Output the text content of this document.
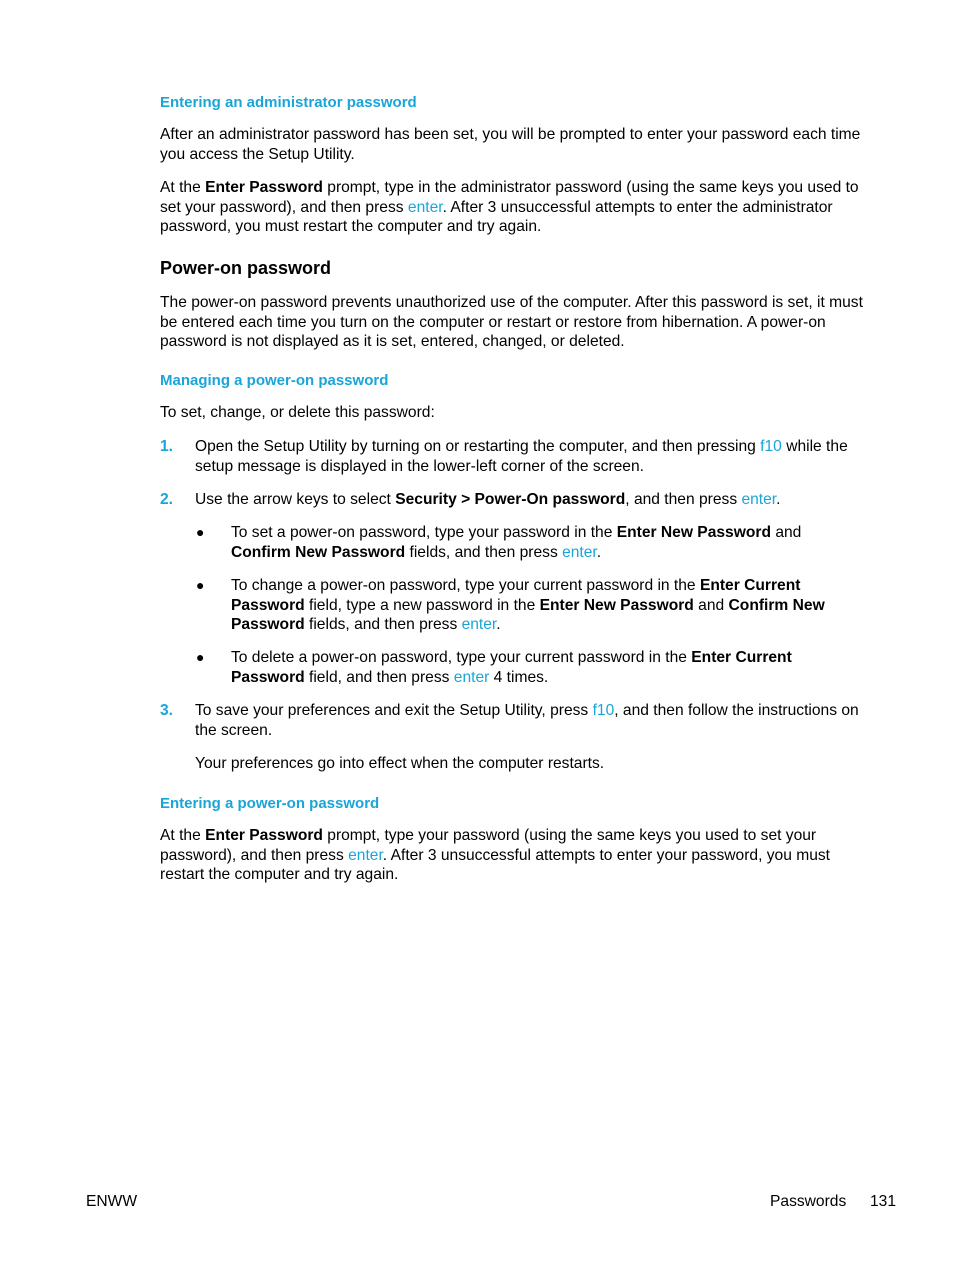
Entering an administrator password

After an administrator password has been set, you will be prompted to enter your password each time you access the Setup Utility.

At the Enter Password prompt, type in the administrator password (using the same keys you used to set your password), and then press enter. After 3 unsuccessful attempts to enter the administrator password, you must restart the computer and try again.

Power-on password

The power-on password prevents unauthorized use of the computer. After this password is set, it must be entered each time you turn on the computer or restart or restore from hibernation. A power-on password is not displayed as it is set, entered, changed, or deleted.

Managing a power-on password

To set, change, or delete this password:

1. Open the Setup Utility by turning on or restarting the computer, and then pressing f10 while the setup message is displayed in the lower-left corner of the screen.

2. Use the arrow keys to select Security > Power-On password, and then press enter.

● To set a power-on password, type your password in the Enter New Password and Confirm New Password fields, and then press enter.

● To change a power-on password, type your current password in the Enter Current Password field, type a new password in the Enter New Password and Confirm New Password fields, and then press enter.

● To delete a power-on password, type your current password in the Enter Current Password field, and then press enter 4 times.

3. To save your preferences and exit the Setup Utility, press f10, and then follow the instructions on the screen.

Your preferences go into effect when the computer restarts.

Entering a power-on password

At the Enter Password prompt, type your password (using the same keys you used to set your password), and then press enter. After 3 unsuccessful attempts to enter your password, you must restart the computer and try again.

ENWW	Passwords 131
